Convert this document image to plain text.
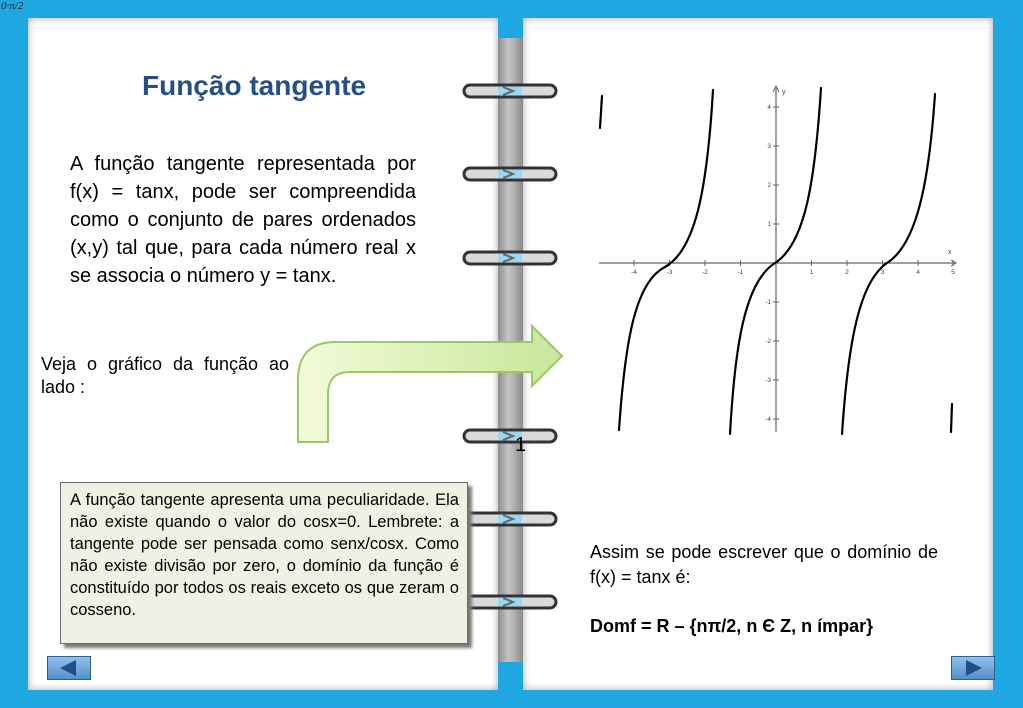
0·π/2
Função tangente

A função tangente representada por f(x) = tanx, pode ser compreendida como o conjunto de pares ordenados (x,y) tal que, para cada número real x se associa o número y = tanx.

Veja o gráfico da função ao lado :

A função tangente apresenta uma peculiaridade. Ela não existe quando o valor do cosx=0. Lembrete: a tangente pode ser pensada como senx/cosx. Como não existe divisão por zero, o domínio da função é constituído por todos os reais exceto os que zeram o cosseno.

1
x
y
-4	-3	-2	-1	1	2	3	4	5
4
3
2
1
-1
-2
-3
-4

Assim se pode escrever que o domínio de f(x) = tanx é:

Domf = R – {nπ/2, n Є Z, n ímpar}
